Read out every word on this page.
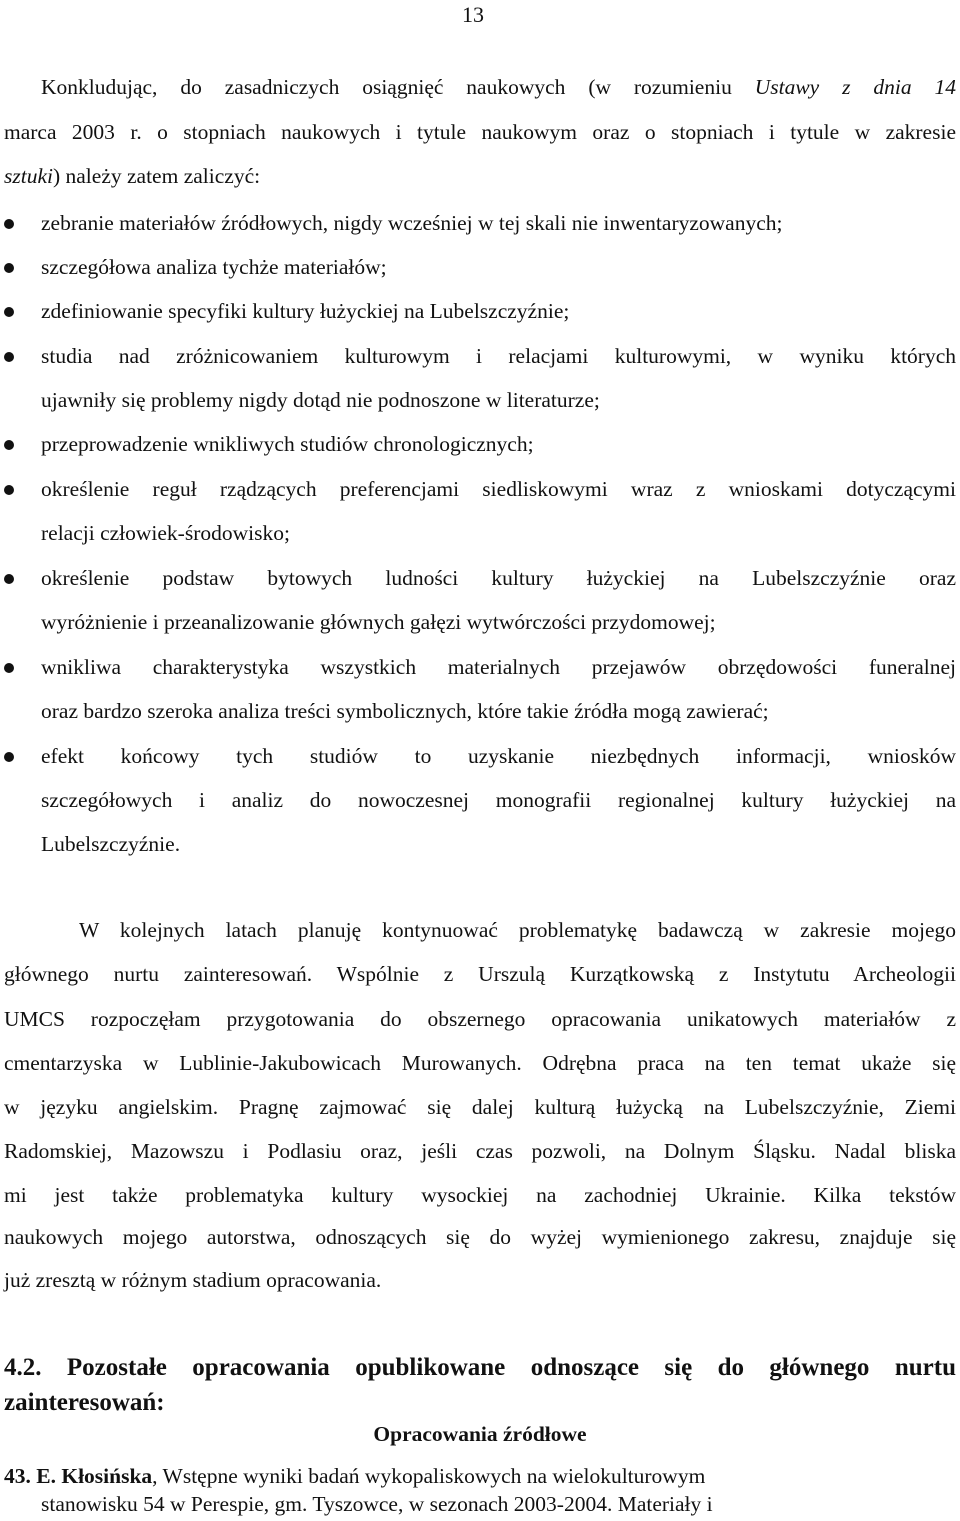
13
Konkludując, do zasadniczych osiągnięć naukowych (w rozumieniu Ustawy z dnia 14
marca 2003 r. o stopniach naukowych i tytule naukowym oraz o stopniach i tytule w zakresie
sztuki) należy zatem zaliczyć:
zebranie materiałów źródłowych, nigdy wcześniej w tej skali nie inwentaryzowanych;
szczegółowa analiza tychże materiałów;
zdefiniowanie specyfiki kultury łużyckiej na Lubelszczyźnie;
studia nad zróżnicowaniem kulturowym i relacjami kulturowymi, w wyniku których
ujawniły się problemy nigdy dotąd nie podnoszone w literaturze;
przeprowadzenie wnikliwych studiów chronologicznych;
określenie reguł rządzących preferencjami siedliskowymi wraz z wnioskami dotyczącymi
relacji człowiek-środowisko;
określenie podstaw bytowych ludności kultury łużyckiej na Lubelszczyźnie oraz
wyróżnienie i przeanalizowanie głównych gałęzi wytwórczości przydomowej;
wnikliwa charakterystyka wszystkich materialnych przejawów obrzędowości funeralnej
oraz bardzo szeroka analiza treści symbolicznych, które takie źródła mogą zawierać;
efekt końcowy tych studiów to uzyskanie niezbędnych informacji, wniosków
szczegółowych i analiz do nowoczesnej monografii regionalnej kultury łużyckiej na
Lubelszczyźnie.
W kolejnych latach planuję kontynuować problematykę badawczą w zakresie mojego
głównego nurtu zainteresowań. Wspólnie z Urszulą Kurzątkowską z Instytutu Archeologii
UMCS rozpoczęłam przygotowania do obszernego opracowania unikatowych materiałów z
cmentarzyska w Lublinie-Jakubowicach Murowanych. Odrębna praca na ten temat ukaże się
w języku angielskim. Pragnę zajmować się dalej kulturą łużycką na Lubelszczyźnie, Ziemi
Radomskiej, Mazowszu i Podlasiu oraz, jeśli czas pozwoli, na Dolnym Śląsku. Nadal bliska
mi jest także problematyka kultury wysockiej na zachodniej Ukrainie. Kilka tekstów
naukowych mojego autorstwa, odnoszących się do wyżej wymienionego zakresu, znajduje się
już zresztą w różnym stadium opracowania.
4.2. Pozostałe opracowania opublikowane odnoszące się do głównego nurtu
zainteresowań:
Opracowania źródłowe
43. E. Kłosińska, Wstępne wyniki badań wykopaliskowych na wielokulturowym
stanowisku 54 w Perespie, gm. Tyszowce, w sezonach 2003-2004. Materiały i
